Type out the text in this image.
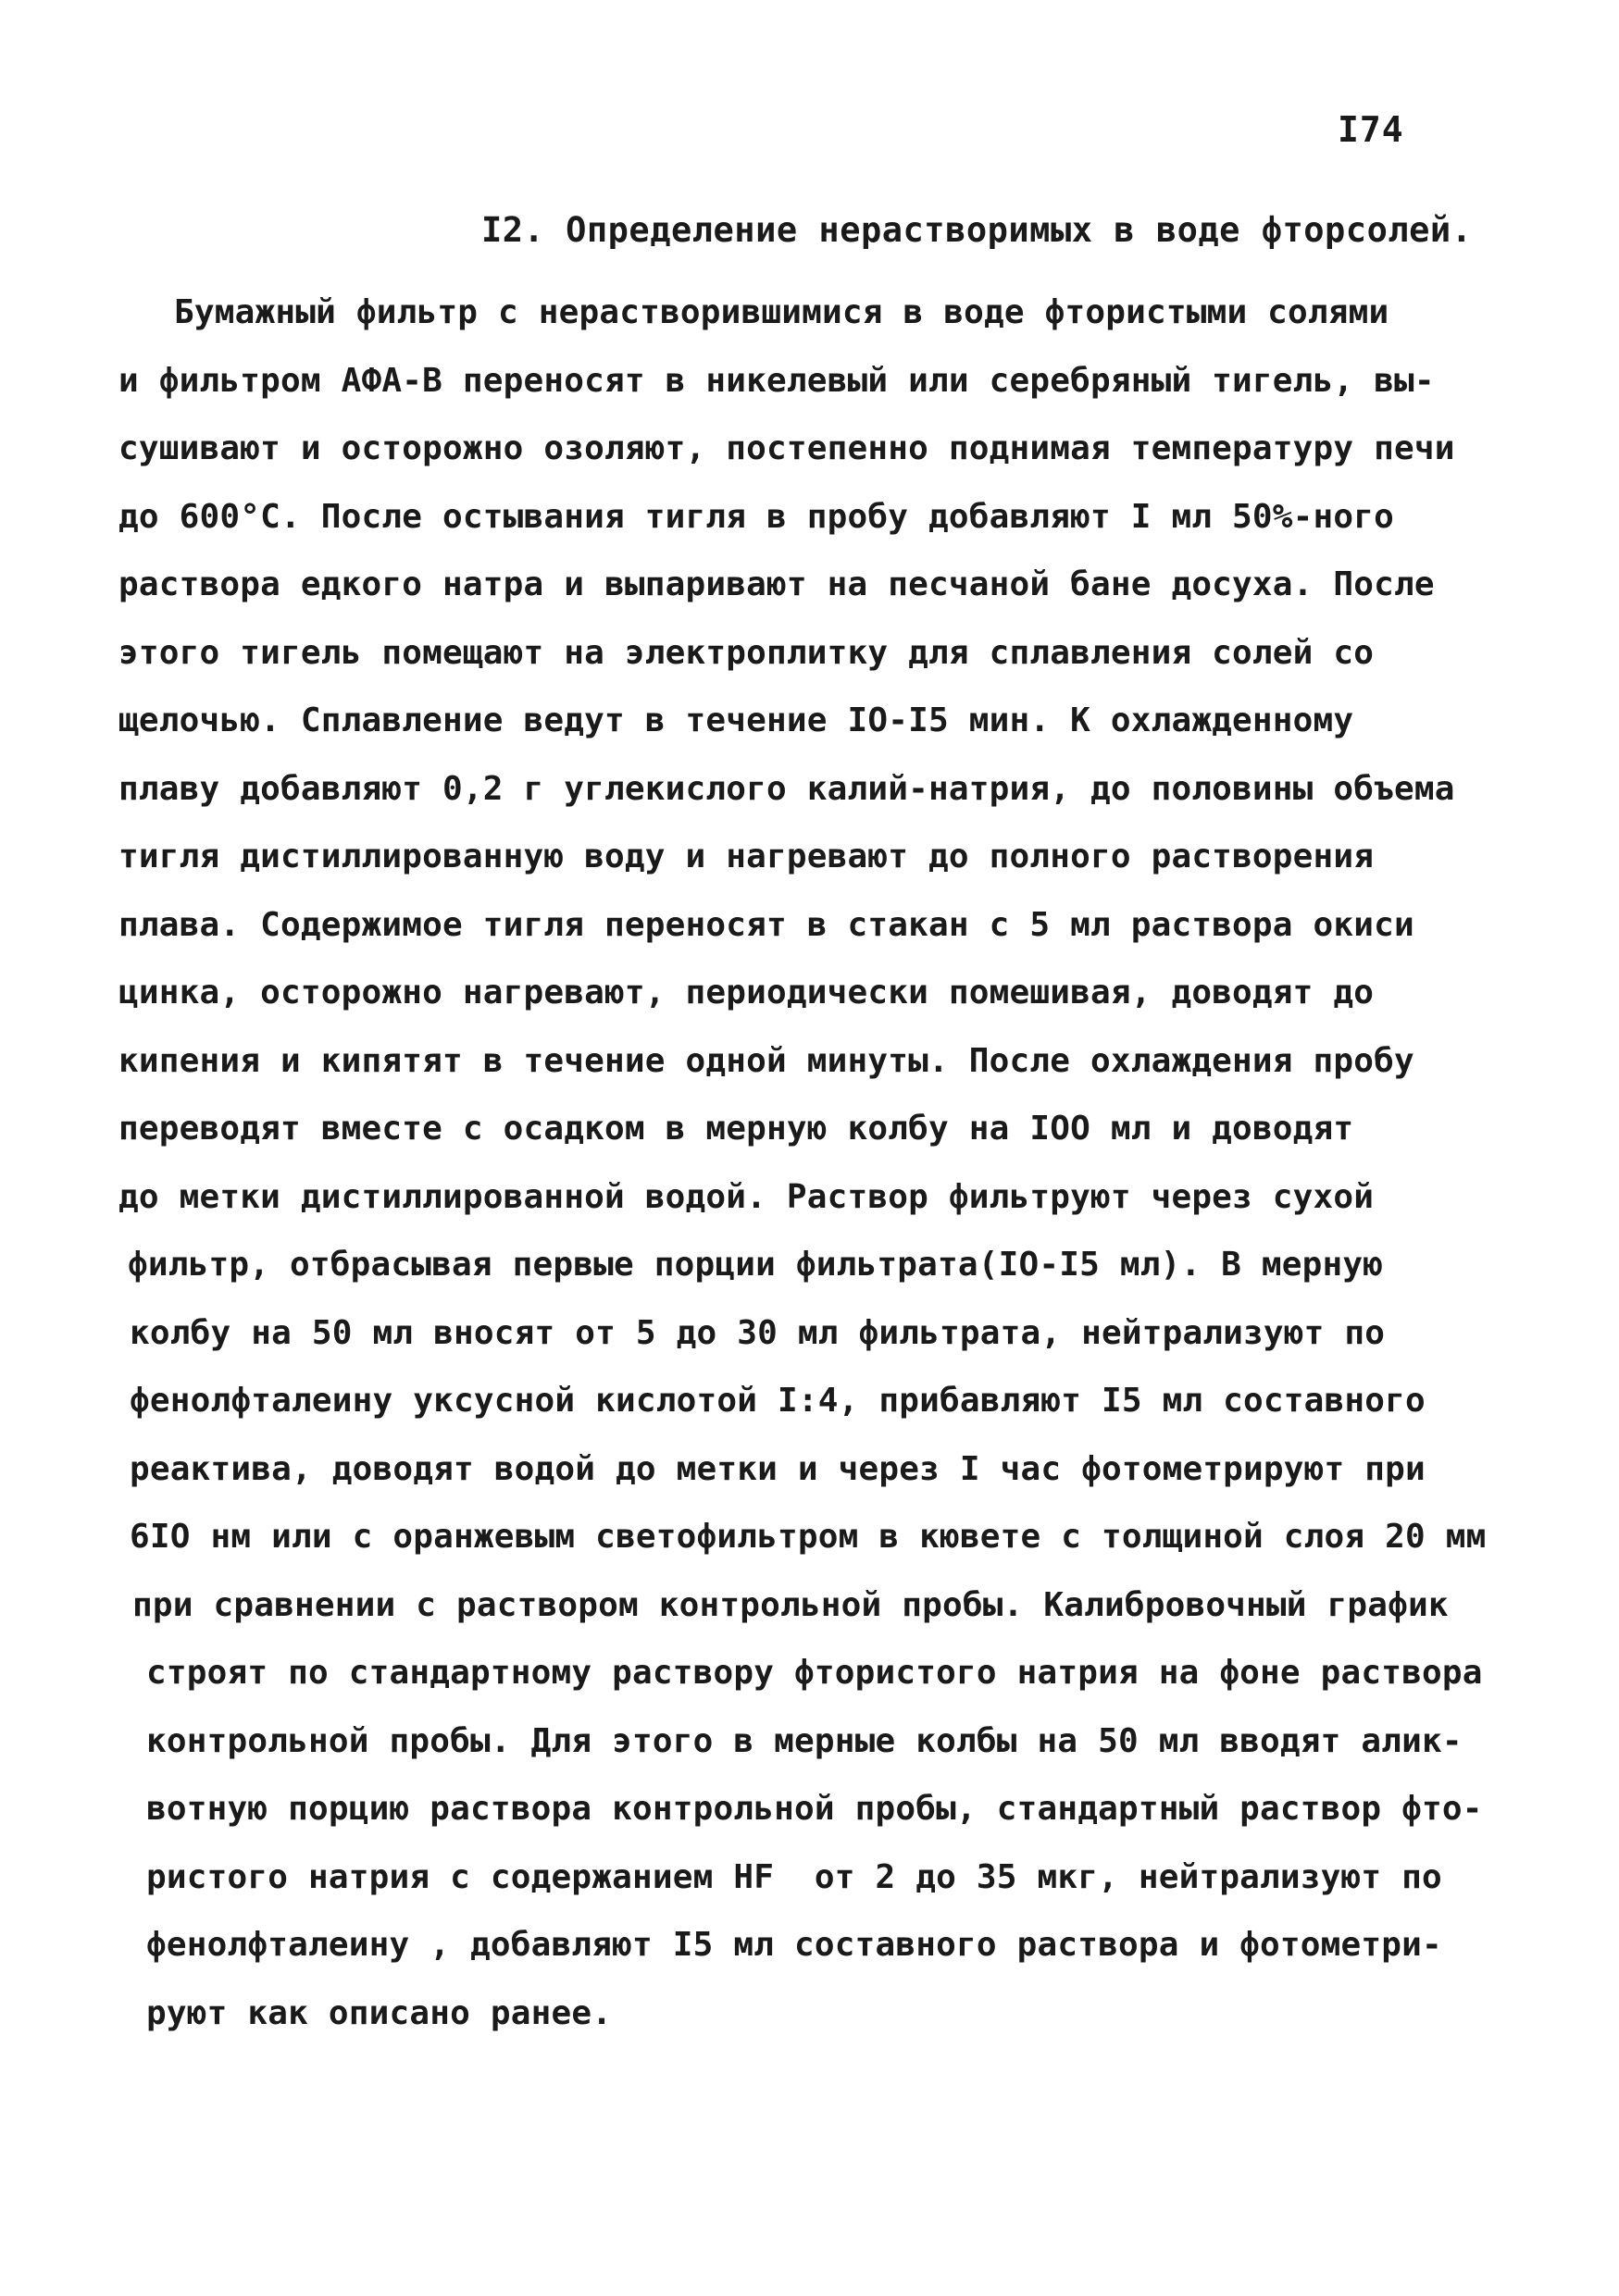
I74
I2. Определение нерастворимых в воде фторсолей.
Бумажный фильтр с нерастворившимися в воде фтористыми солями
и фильтром АФА-В переносят в никелевый или серебряный тигель, вы-
сушивают и осторожно озоляют, постепенно поднимая температуру печи
до 600°С. После остывания тигля в пробу добавляют I мл 50%-ного
раствора едкого натра и выпаривают на песчаной бане досуха. После
этого тигель помещают на электроплитку для сплавления солей со
щелочью. Сплавление ведут в течение IO-I5 мин. К охлажденному
плаву добавляют 0,2 г углекислого калий-натрия, до половины объема
тигля дистиллированную воду и нагревают до полного растворения
плава. Содержимое тигля переносят в стакан с 5 мл раствора окиси
цинка, осторожно нагревают, периодически помешивая, доводят до
кипения и кипятят в течение одной минуты. После охлаждения пробу
переводят вместе с осадком в мерную колбу на IOO мл и доводят
до метки дистиллированной водой. Раствор фильтруют через сухой
фильтр, отбрасывая первые порции фильтрата(IO-I5 мл). В мерную
колбу на 50 мл вносят от 5 до 30 мл фильтрата, нейтрализуют по
фенолфталеину уксусной кислотой I:4, прибавляют I5 мл составного
реактива, доводят водой до метки и через I час фотометрируют при
6IO нм или с оранжевым светофильтром в кювете с толщиной слоя 20 мм
при сравнении с раствором контрольной пробы. Калибровочный график
строят по стандартному раствору фтористого натрия на фоне раствора
контрольной пробы. Для этого в мерные колбы на 50 мл вводят алик-
вотную порцию раствора контрольной пробы, стандартный раствор фто-
ристого натрия с содержанием HF  от 2 до 35 мкг, нейтрализуют по
фенолфталеину , добавляют I5 мл составного раствора и фотометри-
руют как описано ранее.
